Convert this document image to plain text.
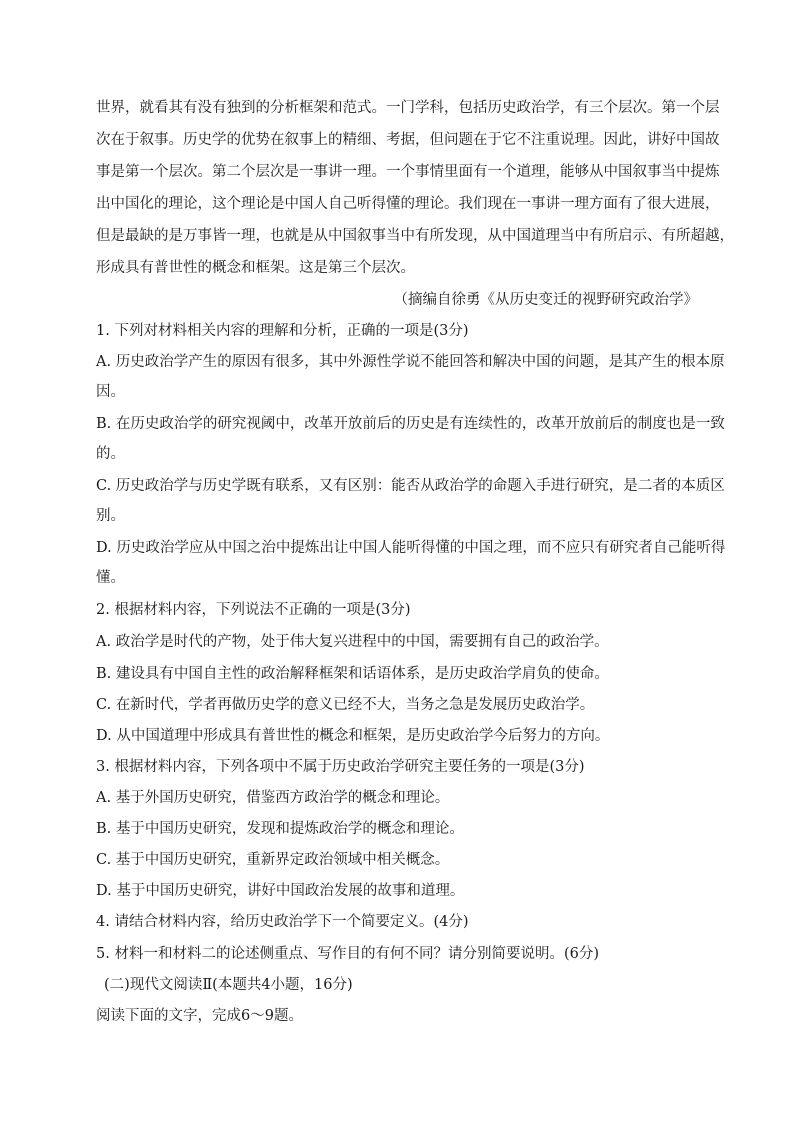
世界，就看其有没有独到的分析框架和范式。一门学科，包括历史政治学，有三个层次。第一个层
次在于叙事。历史学的优势在叙事上的精细、考据，但问题在于它不注重说理。因此，讲好中国故
事是第一个层次。第二个层次是一事讲一理。一个事情里面有一个道理，能够从中国叙事当中提炼
出中国化的理论，这个理论是中国人自己听得懂的理论。我们现在一事讲一理方面有了很大进展，
但是最缺的是万事皆一理，也就是从中国叙事当中有所发现，从中国道理当中有所启示、有所超越，
形成具有普世性的概念和框架。这是第三个层次。
（摘编自徐勇《从历史变迁的视野研究政治学》
1. 下列对材料相关内容的理解和分析，正确的一项是(3分)
A. 历史政治学产生的原因有很多，其中外源性学说不能回答和解决中国的问题，是其产生的根本原
因。
B. 在历史政治学的研究视阈中，改革开放前后的历史是有连续性的，改革开放前后的制度也是一致
的。
C. 历史政治学与历史学既有联系，又有区别：能否从政治学的命题入手进行研究，是二者的本质区
别。
D. 历史政治学应从中国之治中提炼出让中国人能听得懂的中国之理，而不应只有研究者自己能听得
懂。
2. 根据材料内容，下列说法不正确的一项是(3分)
A. 政治学是时代的产物，处于伟大复兴进程中的中国，需要拥有自己的政治学。
B. 建设具有中国自主性的政治解释框架和话语体系，是历史政治学肩负的使命。
C. 在新时代，学者再做历史学的意义已经不大，当务之急是发展历史政治学。
D. 从中国道理中形成具有普世性的概念和框架，是历史政治学今后努力的方向。
3. 根据材料内容，下列各项中不属于历史政治学研究主要任务的一项是(3分)
A. 基于外国历史研究，借鉴西方政治学的概念和理论。
B. 基于中国历史研究，发现和提炼政治学的概念和理论。
C. 基于中国历史研究，重新界定政治领域中相关概念。
D. 基于中国历史研究，讲好中国政治发展的故事和道理。
4. 请结合材料内容，给历史政治学下一个简要定义。(4分)
5. 材料一和材料二的论述侧重点、写作目的有何不同？请分别简要说明。(6分)
(二)现代文阅读Ⅱ(本题共4小题，16分)
阅读下面的文字，完成6～9题。
